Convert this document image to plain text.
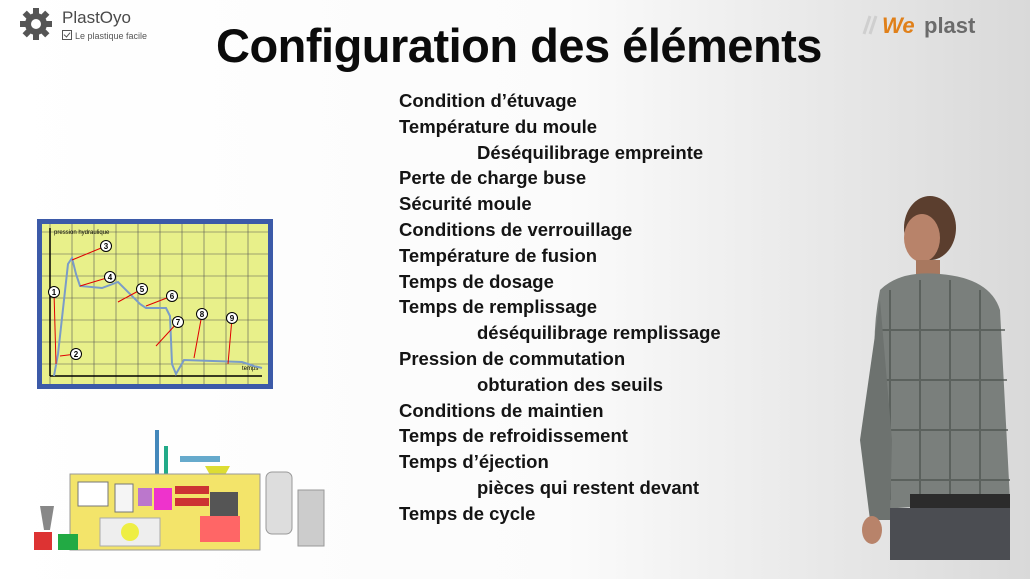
PlastOyo
Le plastique facile	We plast
Configuration des éléments
Condition d’étuvage
Température du moule
Déséquilibrage empreinte
Perte de charge buse
Sécurité moule
Conditions de verrouillage
Température de fusion
Temps de dosage
Temps de remplissage
déséquilibrage remplissage
Pression de commutation
obturation des seuils
Conditions de maintien
Temps de refroidissement
Temps d’éjection
pièces qui restent devant
Temps de cycle
pression hydraulique
temps
1
2
3
4
5
6
7
8	9
